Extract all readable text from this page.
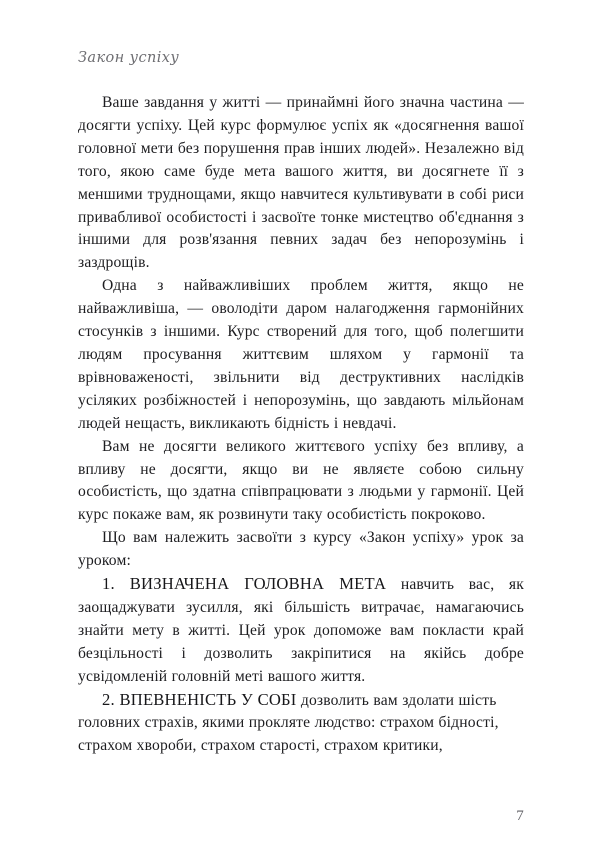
Закон успіху

Ваше завдання у житті — принаймні його значна частина — досягти успіху. Цей курс формулює успіх як «досягнення вашої головної мети без порушення прав інших людей». Незалежно від того, якою саме буде мета вашого життя, ви досягнете її з меншими труднощами, якщо навчитеся культивувати в собі риси привабливої особистості і засвоїте тонке мистецтво об'єднання з іншими для розв'язання певних задач без непорозумінь і заздрощів.

Одна з найважливіших проблем життя, якщо не найважливіша, — оволодіти даром налагодження гармонійних стосунків з іншими. Курс створений для того, щоб полегшити людям просування життєвим шляхом у гармонії та врівноваженості, звільнити від деструктивних наслідків усіляких розбіжностей і непорозумінь, що завдають мільйонам людей нещасть, викликають бідність і невдачі.

Вам не досягти великого життєвого успіху без впливу, а впливу не досягти, якщо ви не являєте собою сильну особистість, що здатна співпрацювати з людьми у гармонії. Цей курс покаже вам, як розвинути таку особистість покроково.

Що вам належить засвоїти з курсу «Закон успіху» урок за уроком:

1. ВИЗНАЧЕНА ГОЛОВНА МЕТА навчить вас, як заощаджувати зусилля, які більшість витрачає, намагаючись знайти мету в житті. Цей урок допоможе вам покласти край безцільності і дозволить закріпитися на якійсь добре усвідомленій головній меті вашого життя.

2. ВПЕВНЕНІСТЬ У СОБІ дозволить вам здолати шість головних страхів, якими прокляте людство: страхом бідності, страхом хвороби, страхом старості, страхом критики,

7
